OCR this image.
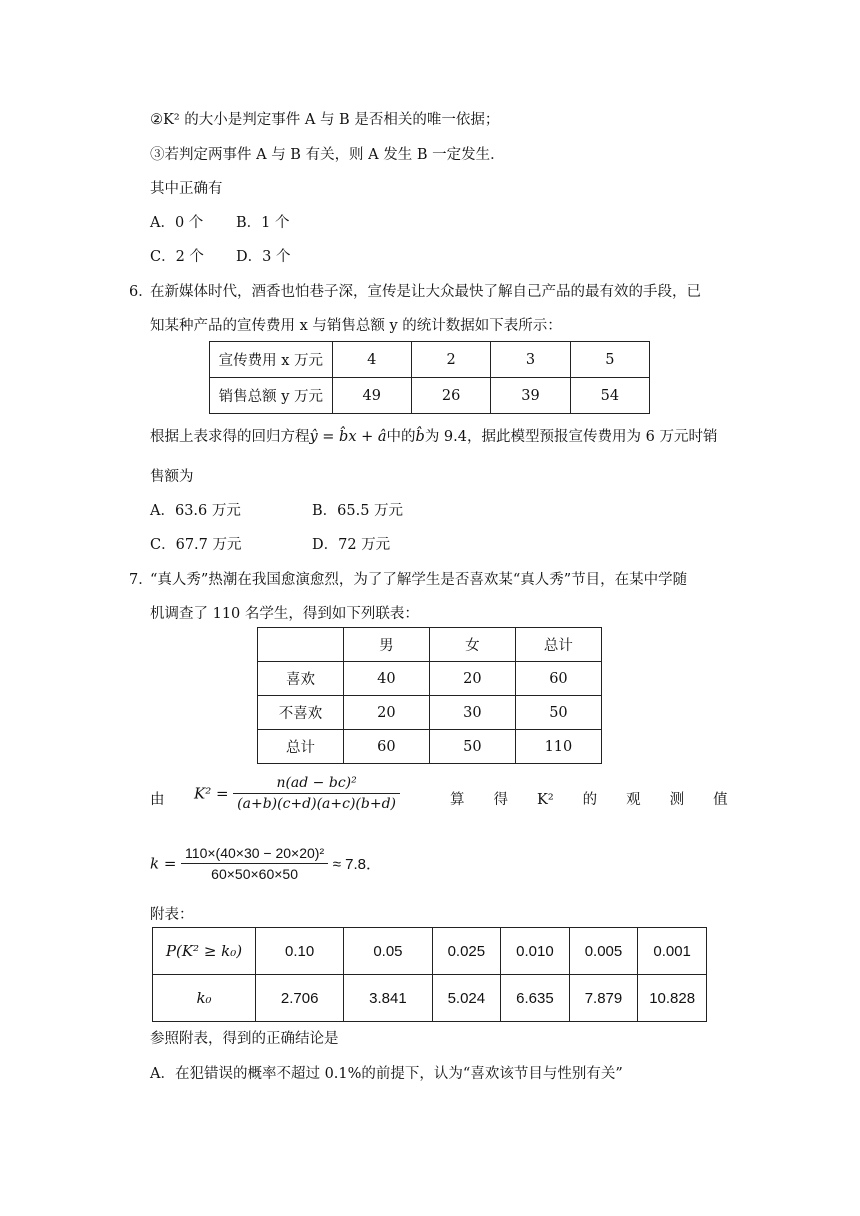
②K² 的大小是判定事件 A 与 B 是否相关的唯一依据；
③若判定两事件 A 与 B 有关，则 A 发生 B 一定发生．
其中正确有
A．0 个 B．1 个
C．2 个 D．3 个
6．
在新媒体时代，酒香也怕巷子深，宣传是让大众最快了解自己产品的最有效的手段，已
知某种产品的宣传费用 x 与销售总额 y 的统计数据如下表所示：
宣传费用 x 万元	4	2	3	5
销售总额 y 万元	49	26	39	54
根据上表求得的回归方程ŷ = b̂x + â中的b̂为 9.4，据此模型预报宣传费用为 6 万元时销
售额为
A．63.6 万元	B．65.5 万元
C．67.7 万元	D．72 万元
7．
“真人秀”热潮在我国愈演愈烈，为了了解学生是否喜欢某“真人秀”节目，在某中学随
机调查了 110 名学生，得到如下列联表：
	男	女	总计
喜欢	40	20	60
不喜欢	20	30	50
总计	60	50	110
由 $K^2 = \frac{\text{n(ad − bc)²}}{(a+b)(c+d)(a+c)(b+d)}$	算　　得　　K²　　的　　观　　测　　值
$k = \frac{\text{110×(40×30 − 20×20)²}}{60\times 50\times 60\times 50} \approx 7.8$．
附表：
P(K² ≥ k₀)	0.10	0.05	0.025	0.010	0.005	0.001
k₀	2.706	3.841	5.024	6.635	7.879	10.828
参照附表，得到的正确结论是
A．在犯错误的概率不超过 0.1%的前提下，认为“喜欢该节目与性别有关”
